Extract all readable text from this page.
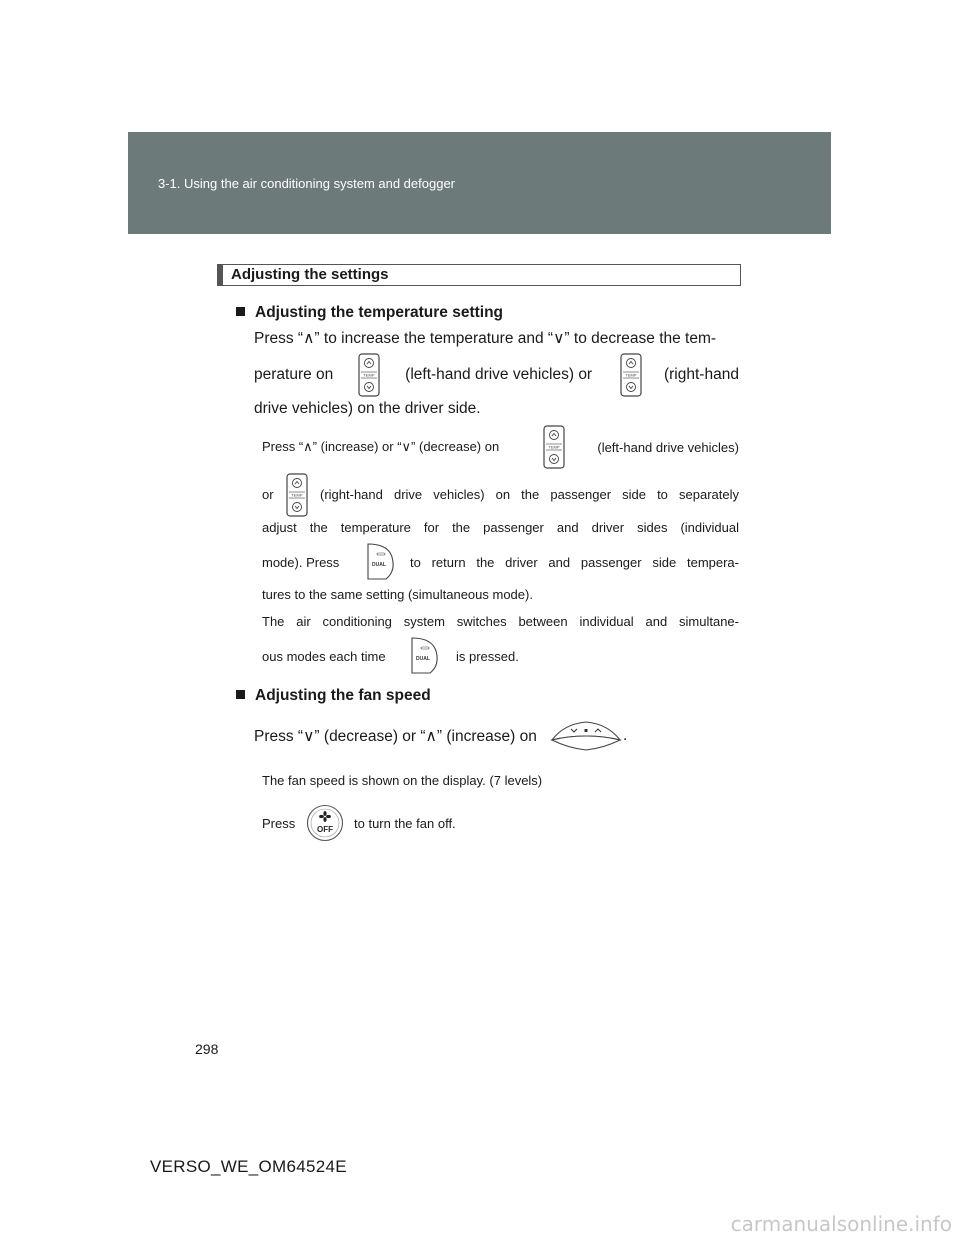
3-1. Using the air conditioning system and defogger
Adjusting the settings
Adjusting the temperature setting
Press “∧” to increase the temperature and “∨” to decrease the tem-
perature on	(left-hand drive vehicles) or	(right-hand
drive vehicles) on the driver side.
TEMP	TEMP
Press “∧” (increase) or “∨” (decrease) on	(left-hand drive vehicles)
TEMP
or	TEMP (right-hand drive vehicles) on the passenger side to separately
adjust the temperature for the passenger and driver sides (individual
mode). Press	DUAL to return the driver and passenger side tempera-
tures to the same setting (simultaneous mode).
The air conditioning system switches between individual and simultane-
ous modes each time	DUAL is pressed.
Adjusting the fan speed
Press “∨” (decrease) or “∧” (increase) on	.
The fan speed is shown on the display. (7 levels)
Press	OFF to turn the fan off.
298
VERSO_WE_OM64524E
carmanualsonline.info
